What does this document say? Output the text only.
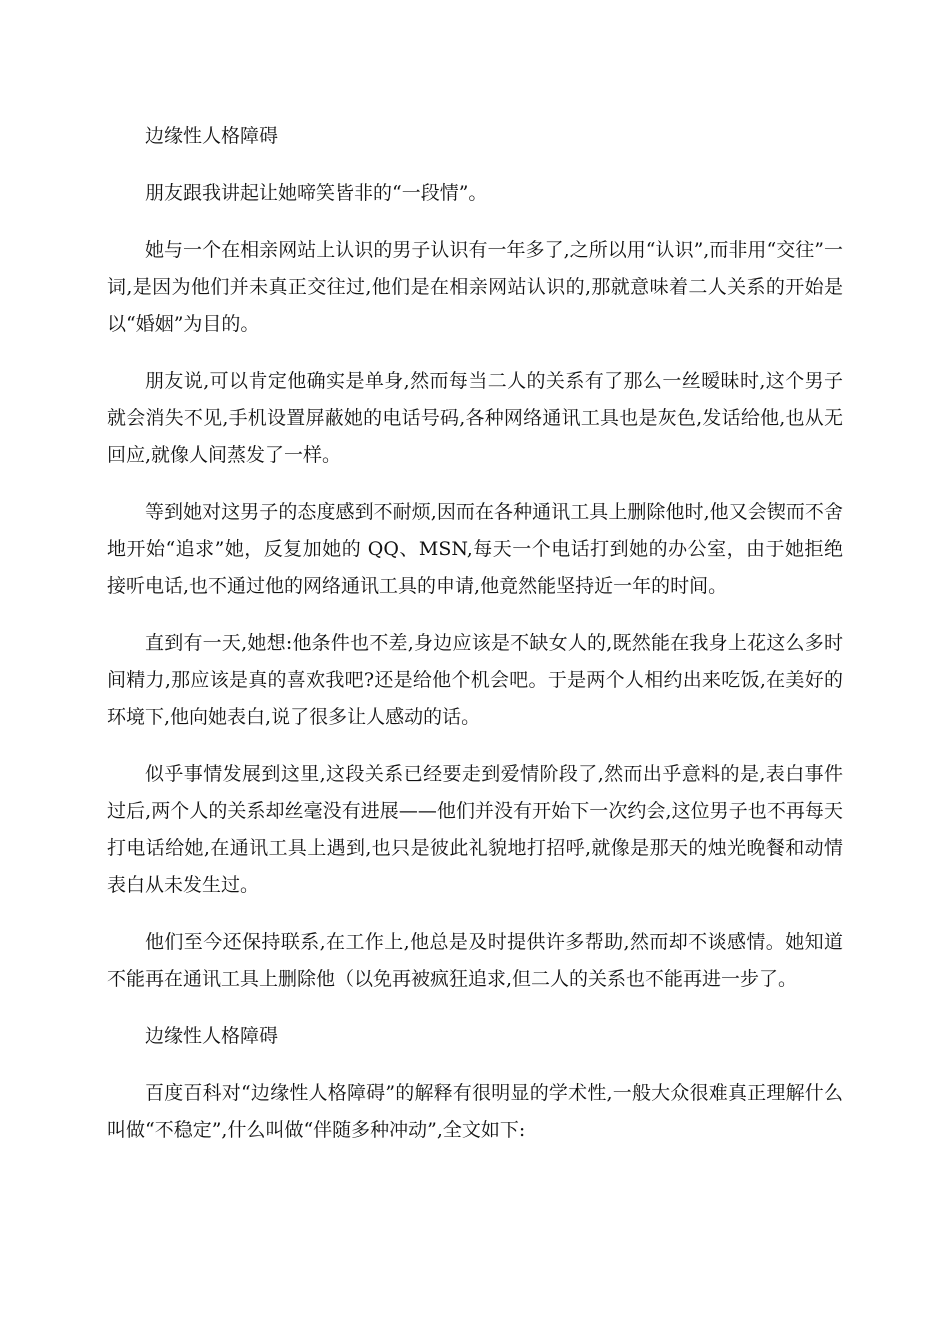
边缘性人格障碍

朋友跟我讲起让她啼笑皆非的“一段情”。

她与一个在相亲网站上认识的男子认识有一年多了,之所以用“认识”,而非用“交往”一词,是因为他们并未真正交往过,他们是在相亲网站认识的,那就意味着二人关系的开始是以“婚姻”为目的。

朋友说,可以肯定他确实是单身,然而每当二人的关系有了那么一丝暧昧时,这个男子就会消失不见,手机设置屏蔽她的电话号码,各种网络通讯工具也是灰色,发话给他,也从无回应,就像人间蒸发了一样。

等到她对这男子的态度感到不耐烦,因而在各种通讯工具上删除他时,他又会锲而不舍地开始“追求”她，反复加她的 QQ、MSN,每天一个电话打到她的办公室，由于她拒绝接听电话,也不通过他的网络通讯工具的申请,他竟然能坚持近一年的时间。

直到有一天,她想:他条件也不差,身边应该是不缺女人的,既然能在我身上花这么多时间精力,那应该是真的喜欢我吧?还是给他个机会吧。于是两个人相约出来吃饭,在美好的环境下,他向她表白,说了很多让人感动的话。

似乎事情发展到这里,这段关系已经要走到爱情阶段了,然而出乎意料的是,表白事件过后,两个人的关系却丝毫没有进展——他们并没有开始下一次约会,这位男子也不再每天打电话给她,在通讯工具上遇到,也只是彼此礼貌地打招呼,就像是那天的烛光晚餐和动情表白从未发生过。

他们至今还保持联系,在工作上,他总是及时提供许多帮助,然而却不谈感情。她知道不能再在通讯工具上删除他（以免再被疯狂追求,但二人的关系也不能再进一步了。

边缘性人格障碍

百度百科对“边缘性人格障碍”的解释有很明显的学术性,一般大众很难真正理解什么叫做“不稳定”,什么叫做“伴随多种冲动”,全文如下:
